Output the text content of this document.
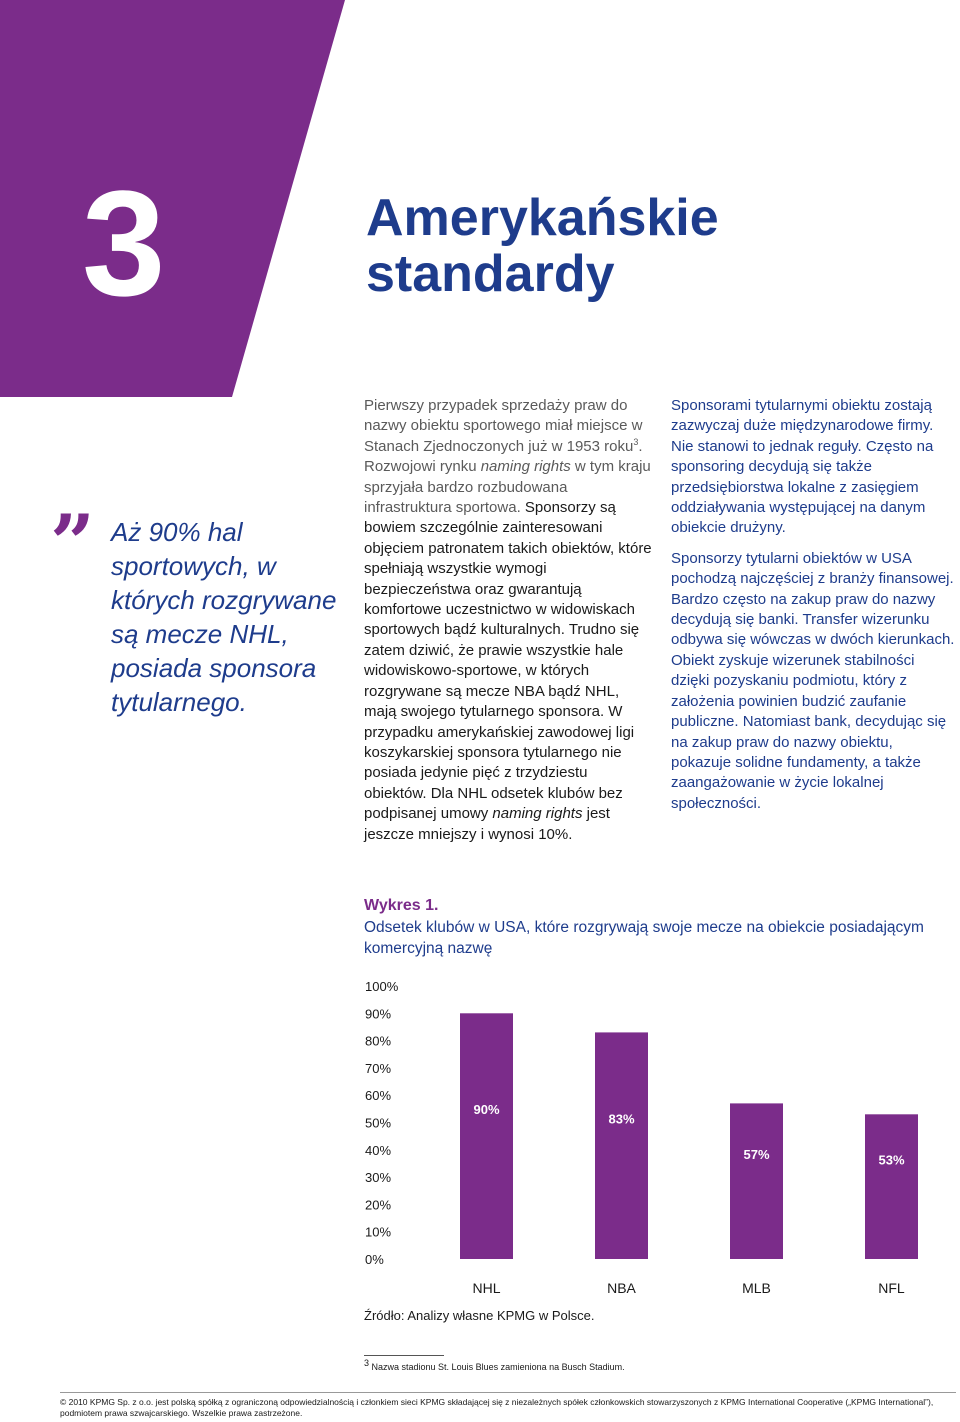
3	Amerykańskie
standardy
” Aż 90% hal sportowych, w których rozgrywane są mecze NHL, posiada sponsora tytularnego.

Pierwszy przypadek sprzedaży praw do nazwy obiektu sportowego miał miejsce w Stanach Zjednoczonych już w 1953 roku$^3$. Rozwojowi rynku naming rights w tym kraju sprzyjała bardzo rozbudowana infrastruktura sportowa. Sponsorzy są bowiem szczególnie zainteresowani objęciem patronatem takich obiektów, które spełniają wszystkie wymogi bezpieczeństwa oraz gwarantują komfortowe uczestnictwo w widowiskach sportowych bądź kulturalnych. Trudno się zatem dziwić, że prawie wszystkie hale widowiskowo-sportowe, w których rozgrywane są mecze NBA bądź NHL, mają swojego tytularnego sponsora. W przypadku amerykańskiej zawodowej ligi koszykarskiej sponsora tytularnego nie posiada jedynie pięć z trzydziestu obiektów. Dla NHL odsetek klubów bez podpisanej umowy naming rights jest jeszcze mniejszy i wynosi 10%.

Sponsorami tytularnymi obiektu zostają zazwyczaj duże międzynarodowe firmy. Nie stanowi to jednak reguły. Często na sponsoring decydują się także przedsiębiorstwa lokalne z zasięgiem oddziaływania występującej na danym obiekcie drużyny.

Sponsorzy tytularni obiektów w USA pochodzą najczęściej z branży finansowej. Bardzo często na zakup praw do nazwy decydują się banki. Transfer wizerunku odbywa się wówczas w dwóch kierunkach. Obiekt zyskuje wizerunek stabilności dzięki pozyskaniu podmiotu, który z założenia powinien budzić zaufanie publiczne. Natomiast bank, decydując się na zakup praw do nazwy obiektu, pokazuje solidne fundamenty, a także zaangażowanie w życie lokalnej społeczności.

Wykres 1.
Odsetek klubów w USA, które rozgrywają swoje mecze na obiekcie posiadającym komercyjną nazwę
0%
10%
20%
30%
40%
50%
60%
70%
80%
90%
100%
90%
NHL
83%
NBA
57%
MLB
53%
NFL
Źródło: Analizy własne KPMG w Polsce.
3 Nazwa stadionu St. Louis Blues zamieniona na Busch Stadium.
© 2010 KPMG Sp. z o.o. jest polską spółką z ograniczoną odpowiedzialnością i członkiem sieci KPMG składającej się z niezależnych spółek członkowskich stowarzyszonych z KPMG International Cooperative („KPMG International”), podmiotem prawa szwajcarskiego. Wszelkie prawa zastrzeżone.
